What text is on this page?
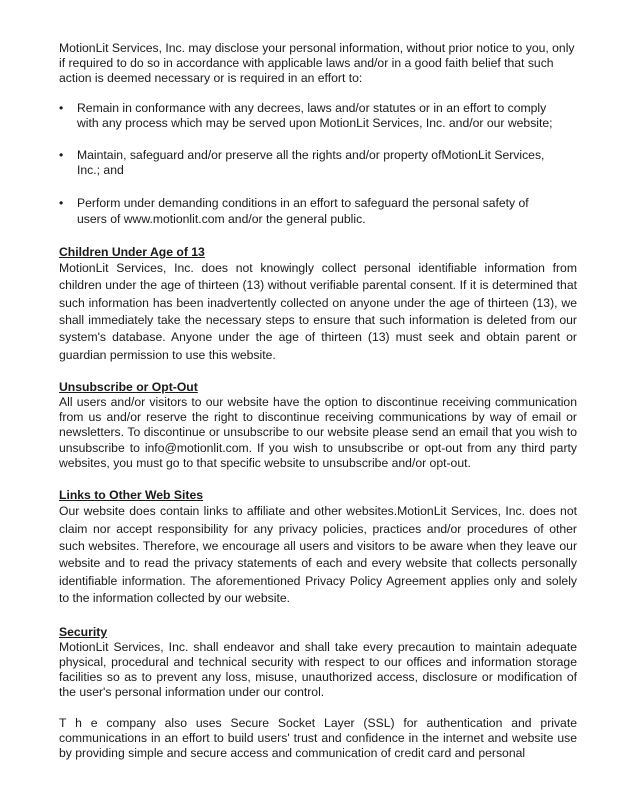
MotionLit Services, Inc. may disclose your personal information, without prior notice to you, only if required to do so in accordance with applicable laws and/or in a good faith belief that such action is deemed necessary or is required in an effort to:

• Remain in conformance with any decrees, laws and/or statutes or in an effort to comply with any process which may be served upon MotionLit Services, Inc. and/or our website;
• Maintain, safeguard and/or preserve all the rights and/or property ofMotionLit Services, Inc.; and
• Perform under demanding conditions in an effort to safeguard the personal safety of users of www.motionlit.com and/or the general public.
Children Under Age of 13

MotionLit Services, Inc. does not knowingly collect personal identifiable information from children under the age of thirteen (13) without verifiable parental consent. If it is determined that such information has been inadvertently collected on anyone under the age of thirteen (13), we shall immediately take the necessary steps to ensure that such information is deleted from our system's database. Anyone under the age of thirteen (13) must seek and obtain parent or guardian permission to use this website.

Unsubscribe or Opt-Out

All users and/or visitors to our website have the option to discontinue receiving communication from us and/or reserve the right to discontinue receiving communications by way of email or newsletters. To discontinue or unsubscribe to our website please send an email that you wish to unsubscribe to info@motionlit.com. If you wish to unsubscribe or opt-out from any third party websites, you must go to that specific website to unsubscribe and/or opt-out.

Links to Other Web Sites

Our website does contain links to affiliate and other websites.MotionLit Services, Inc. does not claim nor accept responsibility for any privacy policies, practices and/or procedures of other such websites. Therefore, we encourage all users and visitors to be aware when they leave our website and to read the privacy statements of each and every website that collects personally identifiable information. The aforementioned Privacy Policy Agreement applies only and solely to the information collected by our website.

Security

MotionLit Services, Inc. shall endeavor and shall take every precaution to maintain adequate physical, procedural and technical security with respect to our offices and information storage facilities so as to prevent any loss, misuse, unauthorized access, disclosure or modification of the user's personal information under our control.

T h e company also uses Secure Socket Layer (SSL) for authentication and private communications in an effort to build users' trust and confidence in the internet and website use by providing simple and secure access and communication of credit card and personal
